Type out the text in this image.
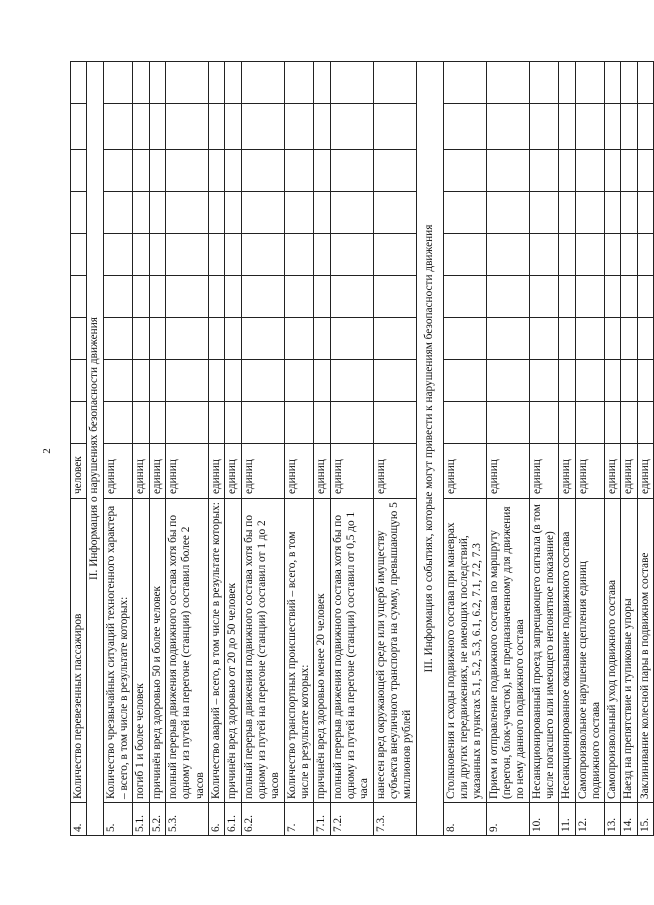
2
4.	Количество перевезенных пассажиров	человек									
II. Информация о нарушениях безопасности движения											
5.	Количество чрезвычайных ситуаций техногенного характера – всего, в том числе в результате которых:	единиц									
5.1.	погиб 1 и более человек	единиц									
5.2.	причинён вред здоровью 50 и более человек	единиц									
5.3.	полный перерыв движения подвижного состава хотя бы по одному из путей на перегоне (станции) составил более 2 часов	единиц									
6.	Количество аварий – всего, в том числе в результате которых:	единиц									
6.1.	причинён вред здоровью от 20 до 50 человек	единиц									
6.2.	полный перерыв движения подвижного состава хотя бы по одному из путей на перегоне (станции) составил от 1 до 2 часов	единиц									
7.	Количество транспортных происшествий – всего, в том числе в результате которых:	единиц									
7.1.	причинён вред здоровью менее 20 человек	единиц									
7.2.	полный перерыв движения подвижного состава хотя бы по одному из путей на перегоне (станции) составил от 0,5 до 1 часа	единиц									
7.3.	нанесен вред окружающей среде или ущерб имуществу субъекта внеуличного транспорта на сумму, превышающую 5 миллионов рублей	единиц									
III. Информация о событиях, которые могут привести к нарушениям безопасности движения											
8.	Столкновения и сходы подвижного состава при маневрах или других передвижениях, не имеющих последствий, указанных в пунктах 5.1, 5.2, 5.3, 6.1, 6.2, 7.1, 7.2, 7.3	единиц									
9.	Прием и отправление подвижного состава по маршруту (перегон, блок-участок), не предназначенному для движения по нему данного подвижного состава	единиц									
10.	Несанкционированный проезд запрещающего сигнала (в том числе погасшего или имеющего непонятное показание)	единиц									
11.	Несанкционированное оказывание подвижного состава	единиц									
12.	Самопроизвольное нарушение сцепления единиц подвижного состава	единиц									
13.	Самопроизвольный уход подвижного состава	единиц									
14.	Наезд на препятствие и тупиковые упоры	единиц									
15.	Заклинивание колесной пары в подвижном составе	единиц									
